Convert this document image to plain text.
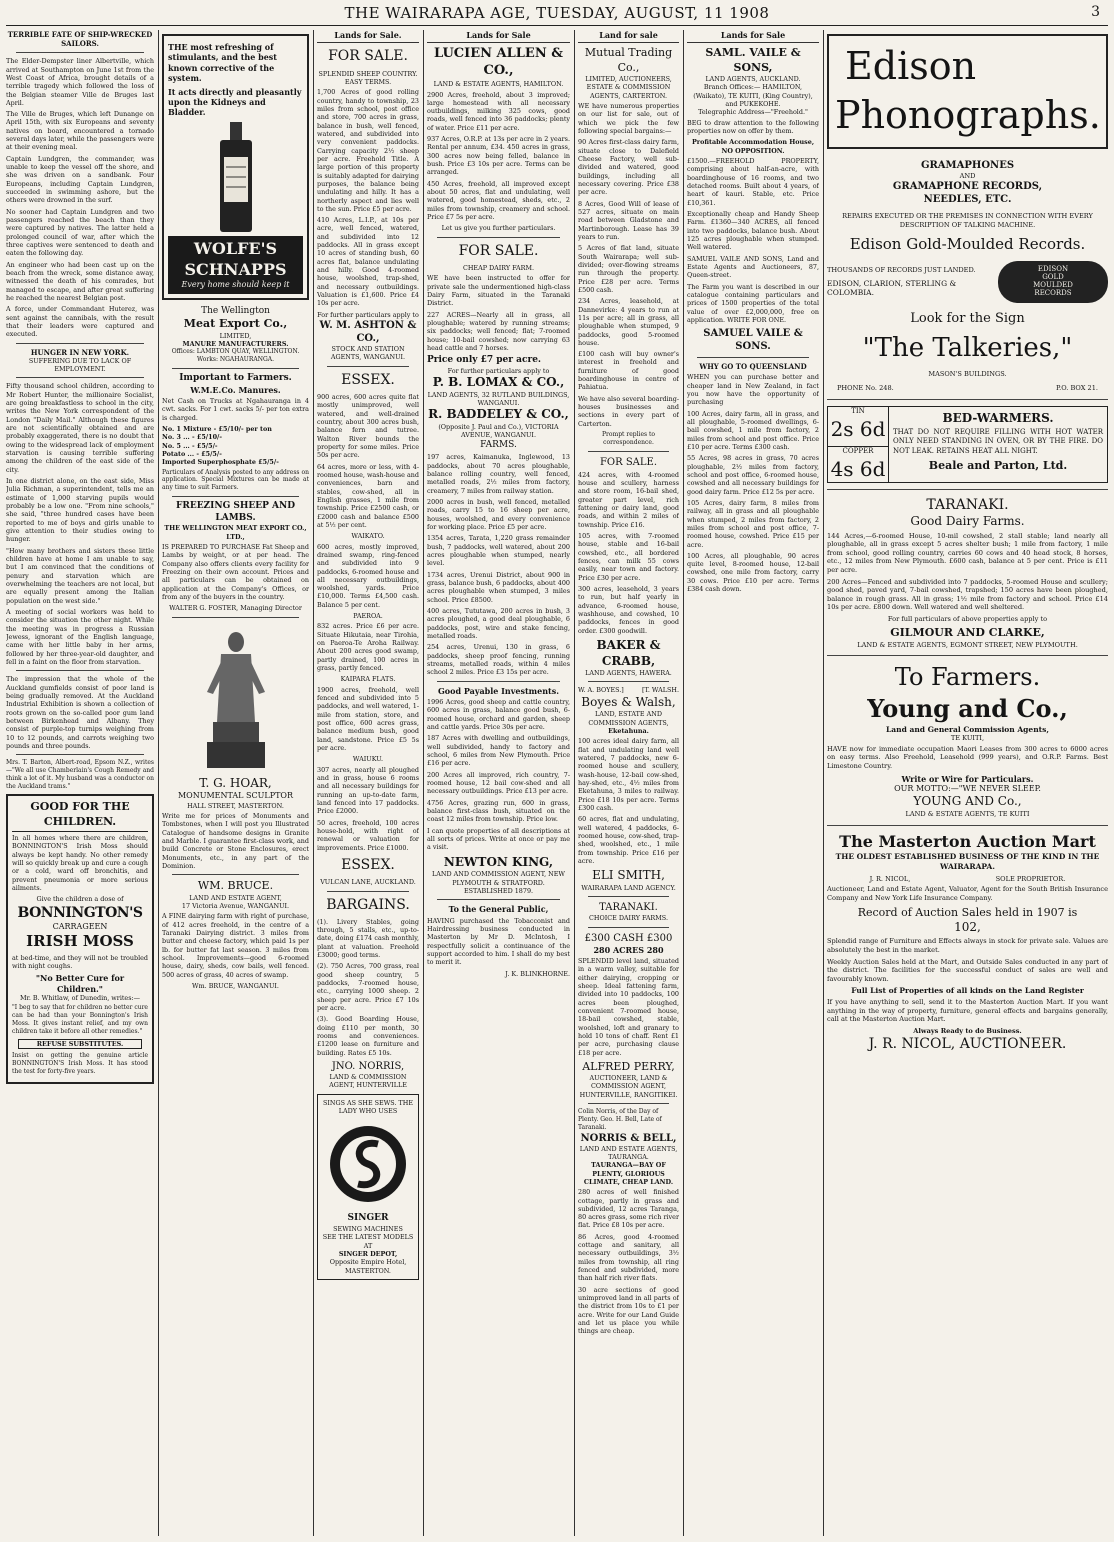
THE WAIRARAPA AGE, TUESDAY, AUGUST, 11 1908	3
TERRIBLE FATE OF SHIP-WRECKED SAILORS.

The Elder-Dempster liner Albertville, which arrived at Southampton on June 1st from the West Coast of Africa, brought details of a terrible tragedy which followed the loss of the Belgian steamer Ville de Bruges last April.

The Ville de Bruges, which left Dunange on April 15th, with six Europeans and seventy natives on board, encountered a tornado several days later, while the passengers were at their evening meal.

Captain Lundgren, the commander, was unable to keep the vessel off the shore, and she was driven on a sandbank. Four Europeans, including Captain Lundgren, succeeded in swimming ashore, but the others were drowned in the surf.

No sooner had Captain Lundgren and two passengers reached the beach than they were captured by natives. The latter held a prolonged council of war, after which the three captives were sentenced to death and eaten the following day.

An engineer who had been cast up on the beach from the wreck, some distance away, witnessed the death of his comrades, but managed to escape, and after great suffering he reached the nearest Belgian post.

A force, under Commandant Huterez, was sent against the cannibals, with the result that their leaders were captured and executed.

HUNGER IN NEW YORK.
SUFFERING DUE TO LACK OF EMPLOYMENT.

Fifty thousand school children, according to Mr Robert Hunter, the millionaire Socialist, are going breakfastless to school in the city, writes the New York correspondent of the London "Daily Mail." Although these figures are not scientifically obtained and are probably exaggerated, there is no doubt that owing to the widespread lack of employment starvation is causing terrible suffering among the children of the east side of the city.

In one district alone, on the east side, Miss Julia Richman, a superintendent, tells me an estimate of 1,000 starving pupils would probably be a low one. "From nine schools," she said, "three hundred cases have been reported to me of boys and girls unable to give attention to their studies owing to hunger.

"How many brothers and sisters these little children have at home I am unable to say, but I am convinced that the conditions of penury and starvation which are overwhelming the teachers are not local, but are equally present among the Italian population on the west side."

A meeting of social workers was held to consider the situation the other night. While the meeting was in progress a Russian Jewess, ignorant of the English language, came with her little baby in her arms, followed by her three-year-old daughter, and fell in a faint on the floor from starvation.

The impression that the whole of the Auckland gumfields consist of poor land is being gradually removed. At the Auckland Industrial Exhibition is shown a collection of roots grown on the so-called poor gum land between Birkenhead and Albany. They consist of purple-top turnips weighing from 10 to 12 pounds, and carrots weighing two pounds and three pounds.

Mrs. T. Barton, Albert-road, Epsom N.Z., writes—"We all use Chamberlain's Cough Remedy and think a lot of it. My husband was a conductor on the Auckland trams."

GOOD FOR THE CHILDREN.

In all homes where there are children, BONNINGTON'S Irish Moss should always be kept handy. No other remedy will so quickly break up and cure a cough or a cold, ward off bronchitis, and prevent pneumonia or more serious ailments.

Give the children a dose of
BONNINGTON'S
CARRAGEEN
IRISH MOSS

at bed-time, and they will not be troubled with night coughs.

"No Better Cure for Children."
Mr. B. Whitlaw, of Dunedin, writes:—

"I beg to say that for children no better cure can be had than your Bonnington's Irish Moss. It gives instant relief, and my own children take it before all other remedies."

REFUSE SUBSTITUTES.

Insist on getting the genuine article BONNINGTON'S Irish Moss. It has stood the test for forty-five years.

THE most refreshing of stimulants, and the best known corrective of the system.

It acts directly and pleasantly upon the Kidneys and Bladder.

WOLFE'S
SCHNAPPS
Every home should keep it
The Wellington
Meat Export Co.,
LIMITED,
MANURE MANUFACTURERS.
Offices: LAMBTON QUAY, WELLINGTON. Works: NGAHAURANGA.
Important to Farmers.
W.M.E.Co. Manures.

Net Cash on Trucks at Ngahauranga in 4 cwt. sacks. For 1 cwt. sacks 5/- per ton extra is charged.

No. 1 Mixture - £5/10/- per ton
No. 3 ... - £5/10/-
No. 5 ... - £5/5/-
Potato ... - £5/5/-
Imported Superphosphate £5/5/-

Particulars of Analysis posted to any address on application. Special Mixtures can be made at any time to suit Farmers.

FREEZING SHEEP AND LAMBS.
THE WELLINGTON MEAT EXPORT CO., LTD.,

IS PREPARED TO PURCHASE Fat Sheep and Lambs by weight, or at per head. The Company also offers clients every facility for Freezing on their own account. Prices and all particulars can be obtained on application at the Company's Offices, or from any of the buyers in the country.

WALTER G. FOSTER, Managing Director
T. G. HOAR,
MONUMENTAL SCULPTOR
HALL STREET, MASTERTON.

Write me for prices of Monuments and Tombstones, when I will post you Illustrated Catalogue of handsome designs in Granite and Marble. I guarantee first-class work, and build Concrete or Stone Enclosures, erect Monuments, etc., in any part of the Dominion.

WM. BRUCE.
LAND AND ESTATE AGENT,
17 Victoria Avenue, WANGANUI.

A FINE dairying farm with right of purchase, of 412 acres freehold, in the centre of a Taranaki Dairying district. 3 miles from butter and cheese factory, which paid 1s per lb. for butter fat last season. 3 miles from school. Improvements—good 6-roomed house, dairy, sheds, cow bails, well fenced. 500 acres of grass, 40 acres of swamp.

Wm. BRUCE, WANGANUI.
Lands for Sale.
FOR SALE.
SPLENDID SHEEP COUNTRY.
EASY TERMS.

1,700 Acres of good rolling country, handy to township, 23 miles from school, post office and store, 700 acres in grass, balance in bush, well fenced, watered, and subdivided into very convenient paddocks. Carrying capacity 2½ sheep per acre. Freehold Title. A large portion of this property is suitably adapted for dairying purposes, the balance being undulating and hilly. It has a northerly aspect and lies well to the sun. Price £5 per acre.

410 Acres, L.I.P., at 10s per acre, well fenced, watered, and subdivided into 12 paddocks. All in grass except 10 acres of standing bush, 60 acres flat, balance undulating and hilly. Good 4-roomed house, woolshed, trap-shed, and necessary outbuildings. Valuation is £1,600. Price £4 10s per acre.

For further particulars apply to
W. M. ASHTON & CO.,
STOCK AND STATION AGENTS, WANGANUI.
ESSEX.

900 acres, 600 acres quite flat mostly unimproved, well watered, and well-drained country, about 300 acres bush, balance fern and tutree. Walton River bounds the property for some miles. Price 50s per acre.

64 acres, more or less, with 4-roomed house, wash-house and conveniences, barn and stables, cow-shed, all in English grasses, 1 mile from township. Price £2500 cash, or £2000 cash and balance £500 at 5½ per cent.

WAIKATO.

600 acres, mostly improved, drained swamp, ring-fenced and subdivided into 9 paddocks, 6-roomed house and all necessary outbuildings, woolshed, yards. Price £10,000. Terms £4,500 cash. Balance 5 per cent.

PAEROA.

832 acres. Price £6 per acre. Situate Hikutaia, near Tirohia, on Paeroa-Te Aroha Railway. About 200 acres good swamp, partly drained, 100 acres in grass, partly fenced.

KAIPARA FLATS.

1900 acres, freehold, well fenced and subdivided into 5 paddocks, and well watered, 1-mile from station, store, and post office, 600 acres grass, balance medium bush, good land, sandstone. Price £5 5s per acre.

WAIUKU.

307 acres, nearly all ploughed and in grass, house 6 rooms and all necessary buildings for running an up-to-date farm, land fenced into 17 paddocks. Price £2000.

50 acres, freehold, 100 acres house-hold, with right of renewal or valuation for improvements. Price £1000.

ESSEX.
VULCAN LANE, AUCKLAND.
BARGAINS.

(1). Livery Stables, going through, 5 stalls, etc., up-to-date, doing £174 cash monthly, plant at valuation. Freehold £3000; good terms.

(2). 750 Acres, 700 grass, real good sheep country, 5 paddocks, 7-roomed house, etc., carrying 1000 sheep. 2 sheep per acre. Price £7 10s per acre.

(3). Good Boarding House, doing £110 per month, 30 rooms and conveniences. £1200 lease on furniture and building. Rates £5 10s.

JNO. NORRIS,
LAND & COMMISSION AGENT, HUNTERVILLE
SINGS AS SHE SEWS. THE LADY WHO USES
SINGER
SEWING MACHINES
SEE THE LATEST MODELS
AT
SINGER DEPOT,
Opposite Empire Hotel, MASTERTON.
Lands for Sale
LUCIEN ALLEN & CO.,
LAND & ESTATE AGENTS, HAMILTON.

2900 Acres, freehold, about 3 improved; large homestead with all necessary outbuildings, milking 325 cows, good roads, well fenced into 36 paddocks; plenty of water. Price £11 per acre.

937 Acres, O.R.P. at 13s per acre in 2 years. Rental per annum, £34. 450 acres in grass, 300 acres now being felled, balance in bush. Price £3 10s per acre. Terms can be arranged.

450 Acres, freehold, all improved except about 50 acres, flat and undulating, well watered, good homestead, sheds, etc., 2 miles from township, creamery and school. Price £7 5s per acre.

Let us give you further particulars.
FOR SALE.
CHEAP DAIRY FARM.

WE have been instructed to offer for private sale the undermentioned high-class Dairy Farm, situated in the Taranaki District.

227 ACRES—Nearly all in grass, all ploughable; watered by running streams; six paddocks; well fenced; flat; 7-roomed house; 10-bail cowshed; now carrying 63 head cattle and 7 horses.

Price only £7 per acre.
For further particulars apply to
P. B. LOMAX & CO.,
LAND AGENTS, 32 RUTLAND BUILDINGS, WANGANUI.
R. BADDELEY & CO.,
(Opposite J. Paul and Co.), VICTORIA AVENUE, WANGANUI.
FARMS.

197 acres, Kaimanuka, Inglewood, 13 paddocks, about 70 acres ploughable, balance rolling country, well fenced, metalled roads, 2½ miles from factory, creamery, 7 miles from railway station.

2000 acres in bush, well fenced, metalled roads, carry 15 to 16 sheep per acre, houses, woolshed, and every convenience for working place. Price £5 per acre.

1354 acres, Tarata, 1,220 grass remainder bush, 7 paddocks, well watered, about 200 acres ploughable when stumped, nearly level.

1734 acres, Urenui District, about 900 in grass, balance bush, 6 paddocks, about 400 acres ploughable when stumped, 3 miles school. Price £8500.

400 acres, Tututawa, 200 acres in bush, 3 acres ploughed, a good deal ploughable, 6 paddocks, post, wire and stake fencing, metalled roads.

254 acres, Urenui, 130 in grass, 6 paddocks, sheep proof fencing, running streams, metalled roads, within 4 miles school 2 miles. Price £3 15s per acre.

Good Payable Investments.

1996 Acres, good sheep and cattle country, 600 acres in grass, balance good bush, 6-roomed house, orchard and garden, sheep and cattle yards. Price 30s per acre.

187 Acres with dwelling and outbuildings, well subdivided, handy to factory and school, 6 miles from New Plymouth. Price £16 per acre.

200 Acres all improved, rich country, 7-roomed house, 12 bail cow-shed and all necessary outbuildings. Price £13 per acre.

4756 Acres, grazing run, 600 in grass, balance first-class bush, situated on the coast 12 miles from township. Price low.

I can quote properties of all descriptions at all sorts of prices. Write at once or pay me a visit.

NEWTON KING,
LAND AND COMMISSION AGENT, NEW PLYMOUTH & STRATFORD. ESTABLISHED 1879.
To the General Public,

HAVING purchased the Tobacconist and Hairdressing business conducted in Masterton by Mr D. McIntosh, I respectfully solicit a continuance of the support accorded to him. I shall do my best to merit it.

J. K. BLINKHORNE.
Land for sale
Mutual Trading Co.,
LIMITED, AUCTIONEERS, ESTATE & COMMISSION AGENTS, CARTERTON.

WE have numerous properties on our list for sale, out of which we pick the few following special bargains:—

90 Acres first-class dairy farm, situate close to Dalefield Cheese Factory, well sub-divided and watered, good buildings, including all necessary covering. Price £38 per acre.

8 Acres, Good Will of lease of 527 acres, situate on main road between Gladstone and Martinborough. Lease has 39 years to run.

5 Acres of flat land, situate South Wairarapa; well sub-divided; over-flowing streams run through the property. Price £28 per acre. Terms £500 cash.

234 Acres, leasehold, at Dannevirke: 4 years to run at 11s per acre; all in grass, all ploughable when stumped, 9 paddocks, good 5-roomed house.

£100 cash will buy owner's interest in freehold and furniture of good boardinghouse in centre of Pahiatua.

We have also several boarding-houses businesses and sections in every part of Carterton.

Prompt replies to correspondence.
FOR SALE.

424 acres, with 4-roomed house and scullery, harness and store room, 16-bail shed, greater part level, rich fattening or dairy land, good roads, and within 2 miles of township. Price £16.

105 acres, with 7-roomed house, stable and 16-bail cowshed, etc., all bordered fences, can milk 55 cows easily, near town and factory. Price £30 per acre.

300 acres, leasehold, 3 years to run, but half yearly in advance, 6-roomed house, washhouse, and cowshed, 10 paddocks, fences in good order. £300 goodwill.

BAKER & CRABB,
LAND AGENTS, HAWERA.
W. A. BOYES.]	[T. WALSH.
Boyes & Walsh,
LAND, ESTATE AND COMMISSION AGENTS,
Eketahuna.

100 acres ideal dairy farm, all flat and undulating land well watered, 7 paddocks, new 6-roomed house and scullery, wash-house, 12-bail cow-shed, hay-shed, etc., 4½ miles from Eketahuna, 3 miles to railway. Price £18 10s per acre. Terms £300 cash.

60 acres, flat and undulating, well watered, 4 paddocks, 6-roomed house, cow-shed, trap-shed, woolshed, etc., 1 mile from township. Price £16 per acre.

ELI SMITH,
WAIRARAPA LAND AGENCY.
TARANAKI.
CHOICE DAIRY FARMS.
£300 CASH £300
280 ACRES 280

SPLENDID level land, situated in a warm valley, suitable for either dairying, cropping or sheep. Ideal fattening farm, divided into 10 paddocks, 100 acres been ploughed, convenient 7-roomed house, 18-bail cowshed, stable, woolshed, loft and granary to hold 10 tons of chaff. Rent £1 per acre, purchasing clause £18 per acre.

ALFRED PERRY,
AUCTIONEER, LAND & COMMISSION AGENT, HUNTERVILLE, RANGITIKEI.
Colin Norris, of the Day of Plenty. Geo. H. Bell, Late of Taranaki.
NORRIS & BELL,
LAND AND ESTATE AGENTS, TAURANGA.
TAURANGA—BAY OF PLENTY, GLORIOUS CLIMATE, CHEAP LAND.

280 acres of well finished cottage, partly in grass and subdivided, 12 acres Taranga, 80 acres grass, some rich river flat. Price £8 10s per acre.

86 Acres, good 4-roomed cottage and sanitary, all necessary outbuildings, 3½ miles from township, all ring fenced and subdivided, more than half rich river flats.

30 acre sections of good unimproved land in all parts of the district from 10s to £1 per acre. Write for our Land Guide and let us place you while things are cheap.

Lands for Sale
SAML. VAILE & SONS,
LAND AGENTS, AUCKLAND.
Branch Offices:— HAMILTON, (Waikato), TE KUITI, (King Country), and PUKEKOHE.
Telegraphic Address—"Freehold."

BEG to draw attention to the following properties now on offer by them.

Profitable Accommodation House, NO OPPOSITION.

£1500.—FREEHOLD PROPERTY, comprising about half-an-acre, with boardinghouse of 16 rooms, and two detached rooms. Built about 4 years, of heart of kauri. Stable, etc. Price £10,361.

Exceptionally cheap and Handy Sheep Farm. £1360—340 ACRES, all fenced into two paddocks, balance bush. About 125 acres ploughable when stumped. Well watered.

SAMUEL VAILE AND SONS, Land and Estate Agents and Auctioneers, 87, Queen-street.

The Farm you want is described in our catalogue containing particulars and prices of 1500 properties of the total value of over £2,000,000, free on application. WRITE FOR ONE.

SAMUEL VAILE & SONS.
WHY GO TO QUEENSLAND

WHEN you can purchase better and cheaper land in New Zealand, in fact you now have the opportunity of purchasing

100 Acres, dairy farm, all in grass, and all ploughable, 5-roomed dwellings, 6-bail cowshed, 1 mile from factory, 2 miles from school and post office. Price £10 per acre. Terms £300 cash.

55 Acres, 98 acres in grass, 70 acres ploughable, 2½ miles from factory, school and post office, 6-roomed house, cowshed and all necessary buildings for good dairy farm. Price £12 5s per acre.

105 Acres, dairy farm, 8 miles from railway, all in grass and all ploughable when stumped, 2 miles from factory, 2 miles from school and post office, 7-roomed house, cowshed. Price £15 per acre.

100 Acres, all ploughable, 90 acres quite level, 8-roomed house, 12-bail cowshed, one mile from factory, carry 30 cows. Price £10 per acre. Terms £384 cash down.

Edison
Phonographs.
GRAMAPHONES
AND
GRAMAPHONE RECORDS,
NEEDLES, ETC.
REPAIRS EXECUTED OR THE PREMISES IN CONNECTION WITH EVERY DESCRIPTION OF TALKING MACHINE.
Edison Gold-Moulded Records.
THOUSANDS OF RECORDS JUST LANDED.
EDISON, CLARION, STERLING & COLOMBIA.
EDISON
GOLD
MOULDED
RECORDS
Look for the Sign
"The Talkeries,"
MASON'S BUILDINGS.
PHONE No. 248.	P.O. BOX 21.
TIN
2s 6d
COPPER
4s 6d
BED-WARMERS.

THAT DO NOT REQUIRE FILLING WITH HOT WATER ONLY NEED STANDING IN OVEN, OR BY THE FIRE. DO NOT LEAK. RETAINS HEAT ALL NIGHT.

Beale and Parton, Ltd.
TARANAKI.
Good Dairy Farms.

144 Acres,—6-roomed House, 10-mil cowshed, 2 stall stable; land nearly all ploughable, all in grass except 5 acres shelter bush; 1 mile from factory, 1 mile from school, good rolling country, carries 60 cows and 40 head stock, 8 horses, etc., 12 miles from New Plymouth. £600 cash, balance at 5 per cent. Price is £11 per acre.

200 Acres—Fenced and subdivided into 7 paddocks, 5-roomed House and scullery; good shed, paved yard, 7-bail cowshed, trapshed; 150 acres have been ploughed, balance in rough grass. All in grass; 1½ mile from factory and school. Price £14 10s per acre. £800 down. Well watered and well sheltered.

For full particulars of above properties apply to
GILMOUR AND CLARKE,
LAND & ESTATE AGENTS, EGMONT STREET, NEW PLYMOUTH.
To Farmers.
Young and Co.,
Land and General Commission Agents,
TE KUITI,

HAVE now for immediate occupation Maori Leases from 300 acres to 6000 acres on easy terms. Also Freehold, Leasehold (999 years), and O.R.P. Farms. Best Limestone Country.

Write or Wire for Particulars.
OUR MOTTO:—"WE NEVER SLEEP.
YOUNG AND Co.,
LAND & ESTATE AGENTS, TE KUITI
The Masterton Auction Mart
THE OLDEST ESTABLISHED BUSINESS OF THE KIND IN THE WAIRARAPA.
J. R. NICOL,	SOLE PROPRIETOR.

Auctioneer, Land and Estate Agent, Valuator, Agent for the South British Insurance Company and New York Life Insurance Company.

Record of Auction Sales held in 1907 is
102,

Splendid range of Furniture and Effects always in stock for private sale. Values are absolutely the best in the market.

Weekly Auction Sales held at the Mart, and Outside Sales conducted in any part of the district. The facilities for the successful conduct of sales are well and favourably known.

Full List of Properties of all kinds on the Land Register

If you have anything to sell, send it to the Masterton Auction Mart. If you want anything in the way of property, furniture, general effects and bargains generally, call at the Masterton Auction Mart.

Always Ready to do Business.
J. R. NICOL, AUCTIONEER.
